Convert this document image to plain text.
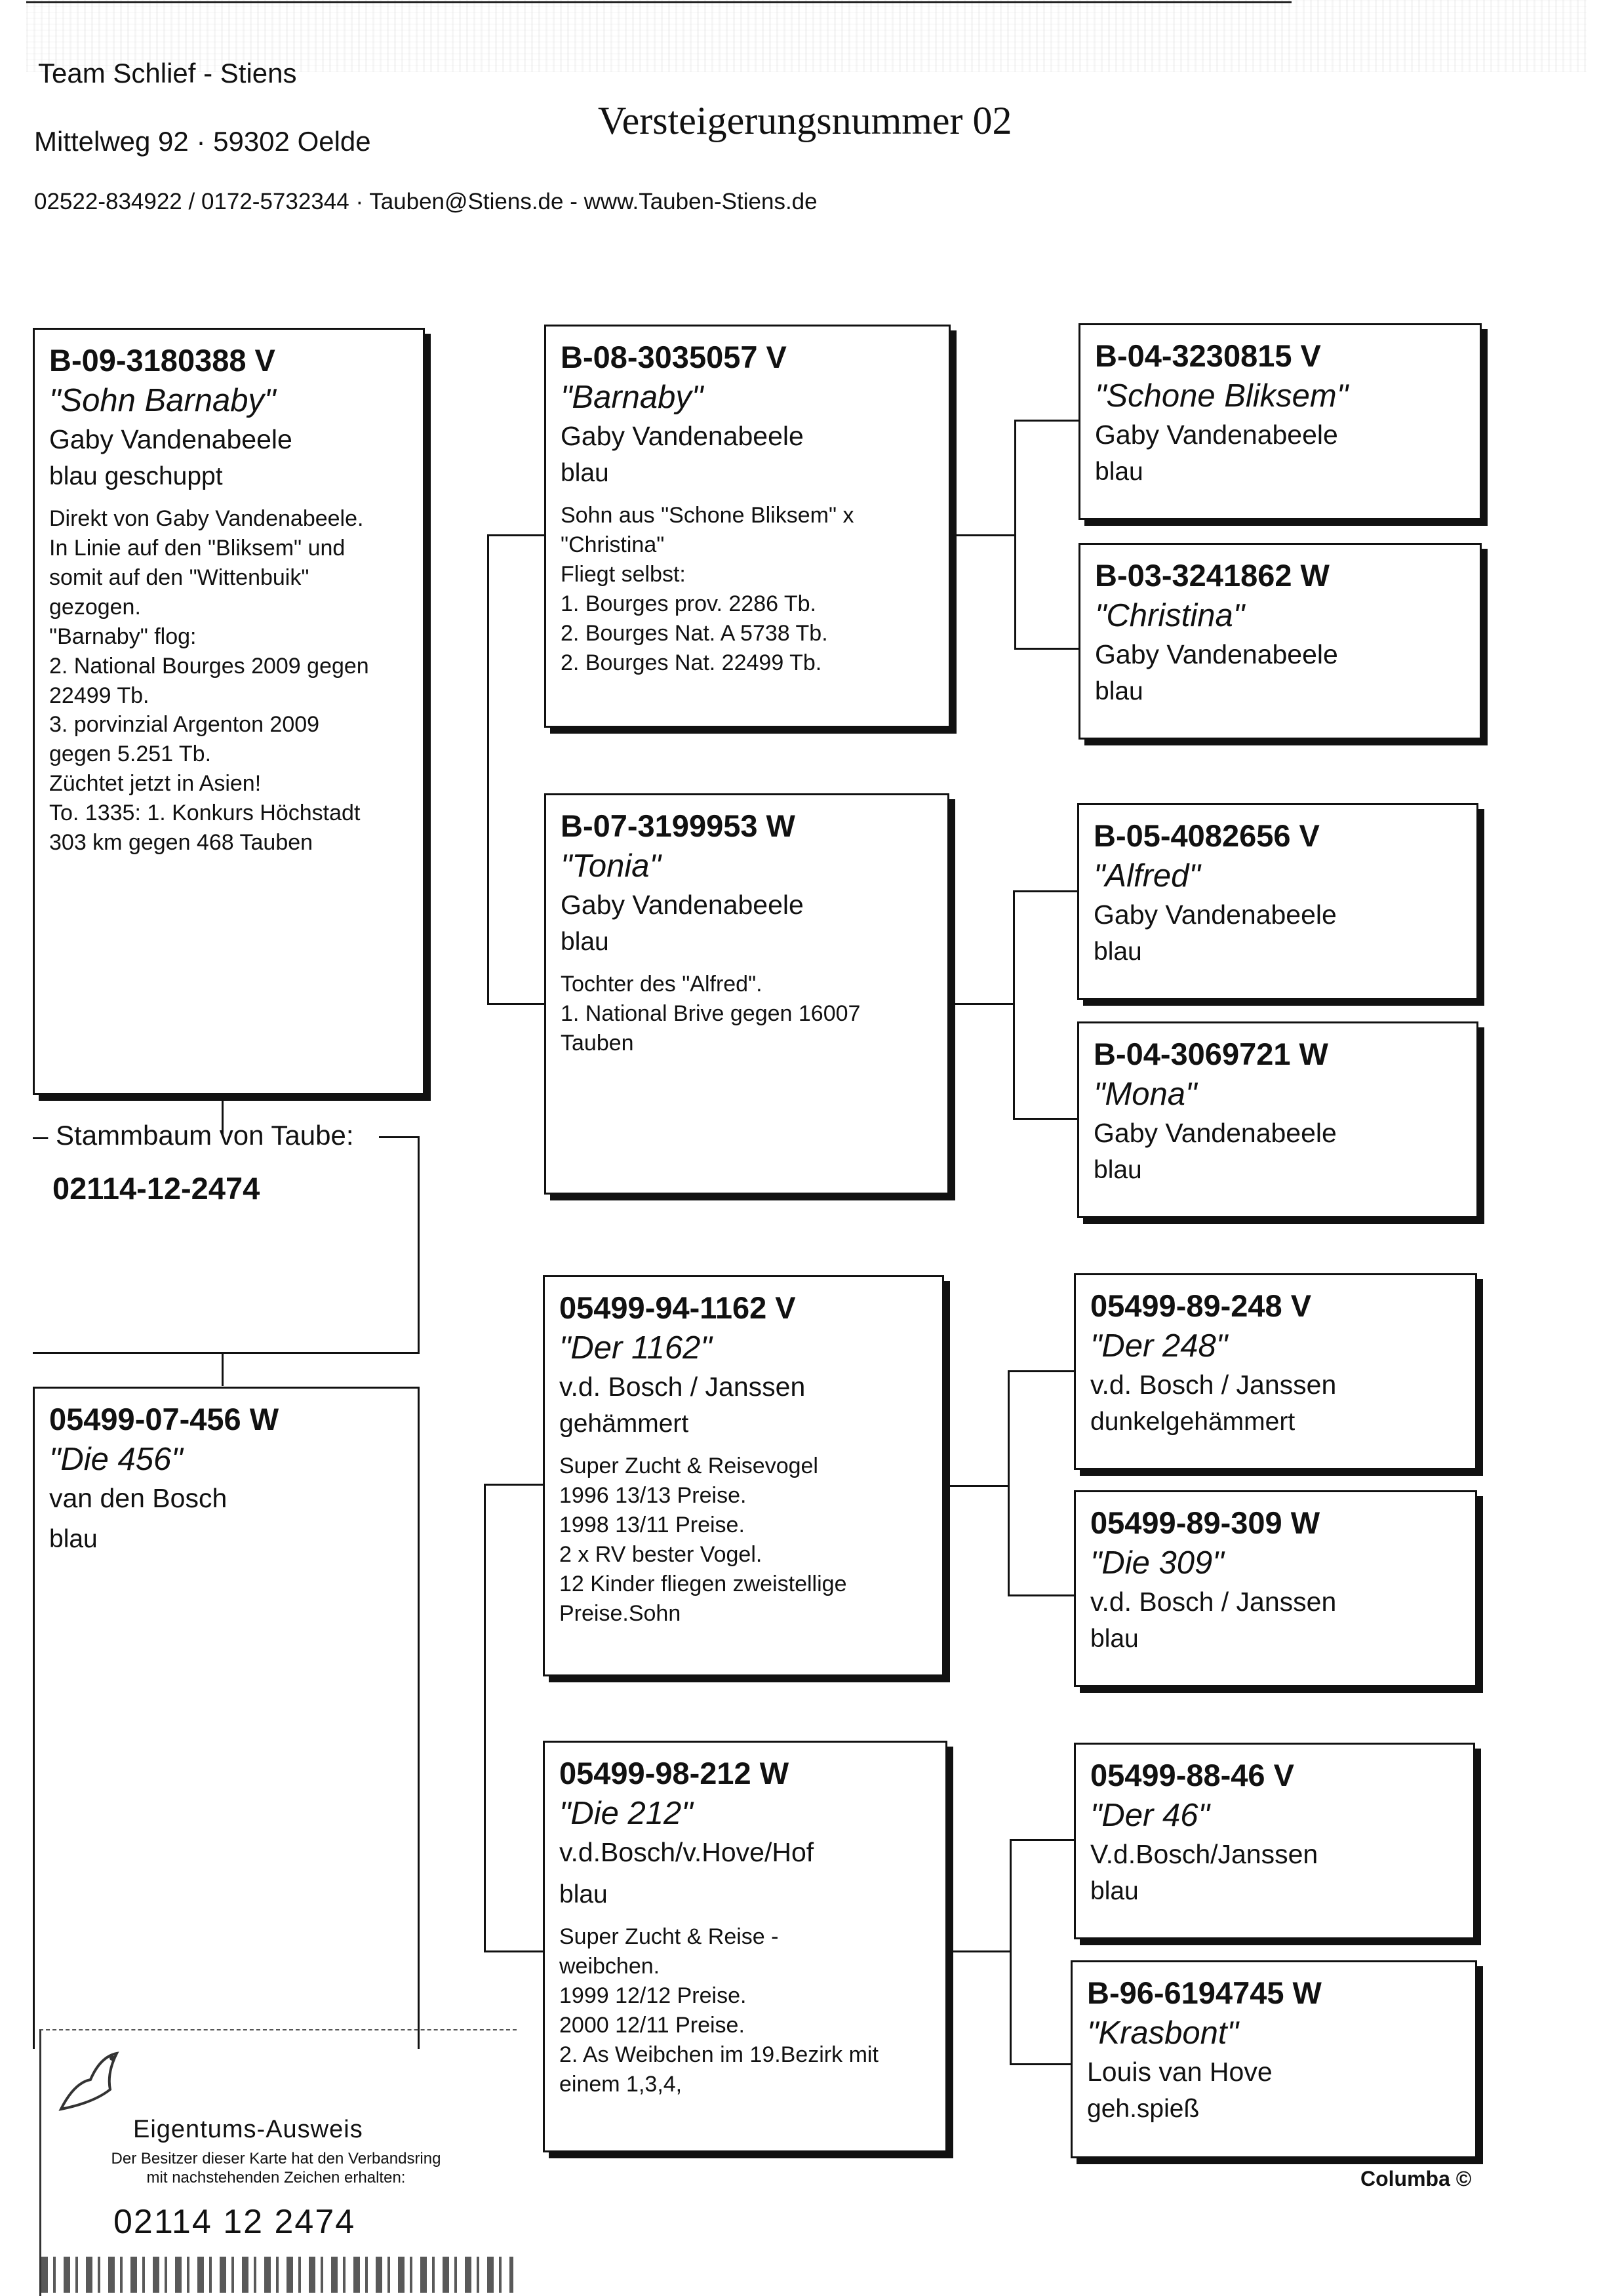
Team Schlief - Stiens
Mittelweg 92 · 59302 Oelde	Versteigerungsnummer 02
02522-834922 / 0172-5732344 · Tauben@Stiens.de - www.Tauben-Stiens.de
B-09-3180388 V
"Sohn Barnaby"
Gaby Vandenabeele
blau geschuppt
Direkt von Gaby Vandenabeele.
In Linie auf den "Bliksem" und
somit auf den "Wittenbuik"
gezogen.
"Barnaby" flog:
2. National Bourges 2009 gegen
22499 Tb.
3. porvinzial Argenton 2009
gegen 5.251 Tb.
Züchtet jetzt in Asien!
To. 1335: 1. Konkurs Höchstadt
303 km gegen 468 Tauben
– Stammbaum von Taube:
02114-12-2474
05499-07-456 W
"Die 456"
van den Bosch
blau
B-08-3035057 V
"Barnaby"
Gaby Vandenabeele
blau
Sohn aus "Schone Bliksem" x
"Christina"
Fliegt selbst:
1. Bourges prov. 2286 Tb.
2. Bourges Nat. A 5738 Tb.
2. Bourges Nat. 22499 Tb.
B-07-3199953 W
"Tonia"
Gaby Vandenabeele
blau
Tochter des "Alfred".
1. National Brive gegen 16007
Tauben
05499-94-1162 V
"Der 1162"
v.d. Bosch / Janssen
gehämmert
Super Zucht & Reisevogel
1996 13/13 Preise.
1998 13/11 Preise.
2 x RV bester Vogel.
12 Kinder fliegen zweistellige
Preise.Sohn
05499-98-212 W
"Die 212"
v.d.Bosch/v.Hove/Hof
blau
Super Zucht & Reise -
weibchen.
1999 12/12 Preise.
2000 12/11 Preise.
2. As Weibchen im 19.Bezirk mit
einem 1,3,4,
B-04-3230815 V
"Schone Bliksem"
Gaby Vandenabeele
blau
B-03-3241862 W
"Christina"
Gaby Vandenabeele
blau
B-05-4082656 V
"Alfred"
Gaby Vandenabeele
blau
B-04-3069721 W
"Mona"
Gaby Vandenabeele
blau
05499-89-248 V
"Der 248"
v.d. Bosch / Janssen
dunkelgehämmert
05499-89-309 W
"Die 309"
v.d. Bosch / Janssen
blau
05499-88-46 V
"Der 46"
V.d.Bosch/Janssen
blau
B-96-6194745 W
"Krasbont"
Louis van Hove
geh.spieß
Columba ©
Eigentums-Ausweis
Der Besitzer dieser Karte hat den Verbandsring
mit nachstehenden Zeichen erhalten:
02114 12 2474
